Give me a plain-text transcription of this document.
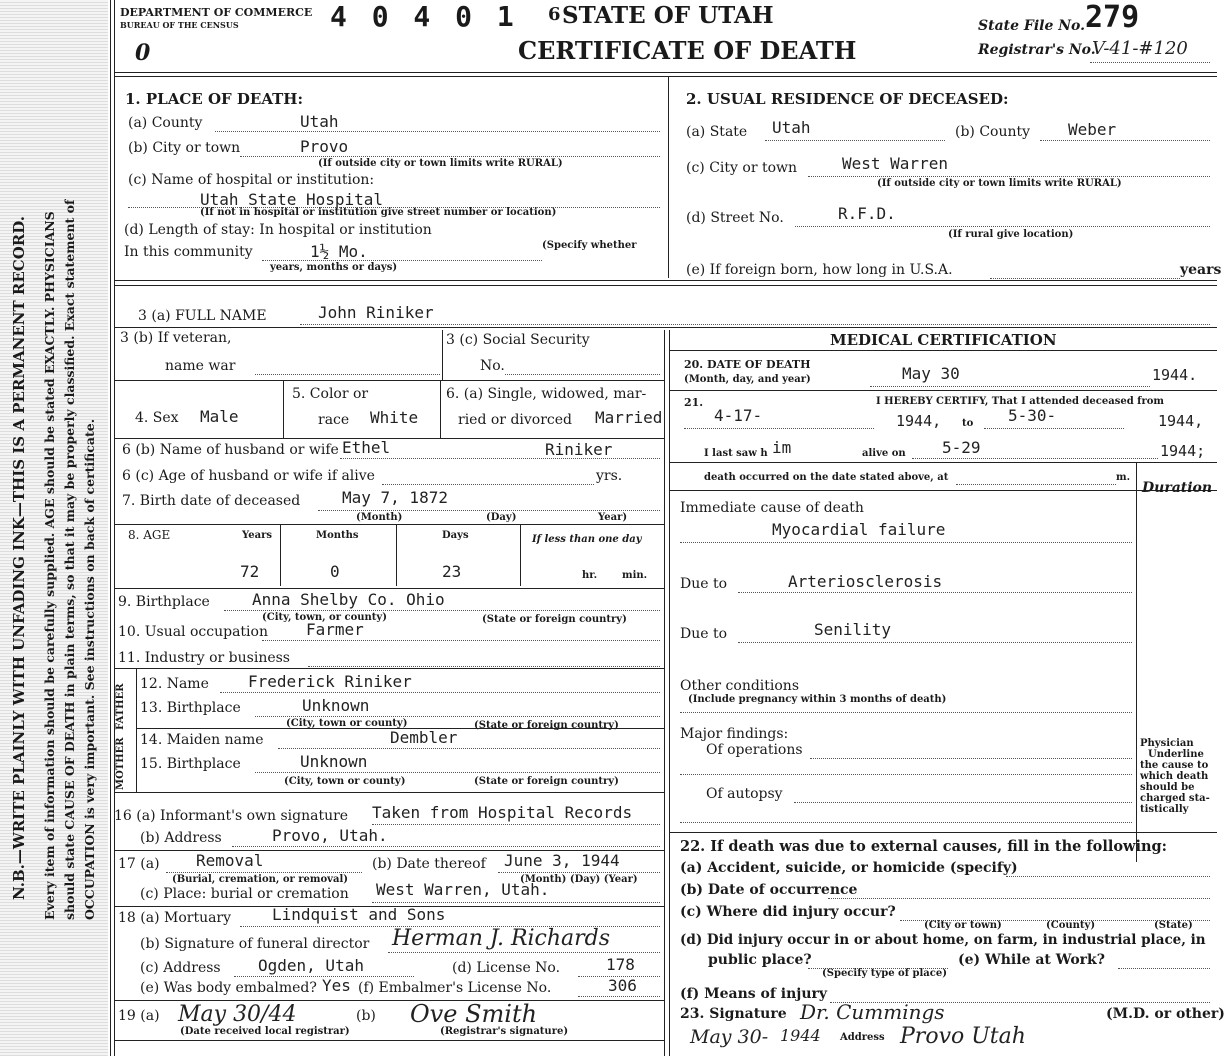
N.B.—WRITE PLAINLY WITH UNFADING INK—THIS IS A PERMANENT RECORD. Every item of information should be carefully supplied. AGE should be stated EXACTLY. PHYSICIANS should state CAUSE OF DEATH in plain terms, so that it may be properly classified. Exact statement of OCCUPATION is very important. See instructions on back of certificate.
DEPARTMENT OF COMMERCE
BUREAU OF THE CENSUS
0
4 0 4 0 1 6 STATE OF UTAH
CERTIFICATE OF DEATH
State File No. 279
Registrar's No.
V-41-#120
1. PLACE OF DEATH:
(a) County	Utah
(b) City or town	Provo
(If outside city or town limits write RURAL)
(c) Name of hospital or institution:
Utah State Hospital
(If not in hospital or institution give street number or location)
(d) Length of stay: In hospital or institution
In this community	1½ Mo.	(Specify whether
years, months or days)
2. USUAL RESIDENCE OF DECEASED:
(a) State Utah	(b) County Weber
(c) City or town	West Warren
(If outside city or town limits write RURAL)
(d) Street No.	R.F.D.
(If rural give location)
(e) If foreign born, how long in U.S.A.	years
3 (a) FULL NAME	John Riniker
3 (b) If veteran,
name war
3 (c) Social Security
No.
4. Sex Male
5. Color or
race White
6. (a) Single, widowed, mar-
ried or divorced Married
6 (b) Name of husband or wife Ethel	Riniker
6 (c) Age of husband or wife if alive	yrs.
7. Birth date of deceased	May 7, 1872
(Month)	(Day)	Year)
8. AGE	Years	Months	Days	If less than one day
72	0	23	hr. min.
9. Birthplace	Anna Shelby Co. Ohio
(City, town, or county)	(State or foreign country)
10. Usual occupation Farmer
11. Industry or business
FATHER
MOTHER
12. Name Frederick Riniker
13. Birthplace	Unknown
(City, town or county)	(State or foreign country)
14. Maiden name	Dembler
15. Birthplace	Unknown
(City, town or county)	(State or foreign country)
16 (a) Informant's own signature Taken from Hospital Records
(b) Address	Provo, Utah.
17 (a) Removal
(Burial, cremation, or removal)
(b) Date thereof June 3, 1944
(Month) (Day) (Year)
(c) Place: burial or cremation West Warren, Utah.
18 (a) Mortuary	Lindquist and Sons
(b) Signature of funeral director Herman J. Richards
(c) Address Ogden, Utah	(d) License No.	178
(e) Was body embalmed? Yes (f) Embalmer's License No.	306
19 (a) May 30/44
(Date received local registrar)
(b) Ove Smith
(Registrar's signature)
MEDICAL CERTIFICATION
20. DATE OF DEATH
(Month, day, and year)	May 30	1944.
21.	I HEREBY CERTIFY, That I attended deceased from
4-17-	1944, to 5-30-	1944,
I last saw h im	alive on 5-29	1944;
death occurred on the date stated above, at	m.
Duration
Immediate cause of death
Myocardial failure
Due to	Arteriosclerosis
Due to	Senility
Other conditions
(Include pregnancy within 3 months of death)
Major findings:
Of operations
Of autopsy
Physician
Underline
the cause to
which death
should be
charged sta-
tistically
22. If death was due to external causes, fill in the following:
(a) Accident, suicide, or homicide (specify)
(b) Date of occurrence
(c) Where did injury occur?
(City or town)	(County)	(State)
(d) Did injury occur in or about home, on farm, in industrial place, in
public place?
(Specify type of place)
(e) While at Work?
(f) Means of injury
23. Signature Dr. Cummings	(M.D. or other)
May 30- 1944 Address Provo Utah
